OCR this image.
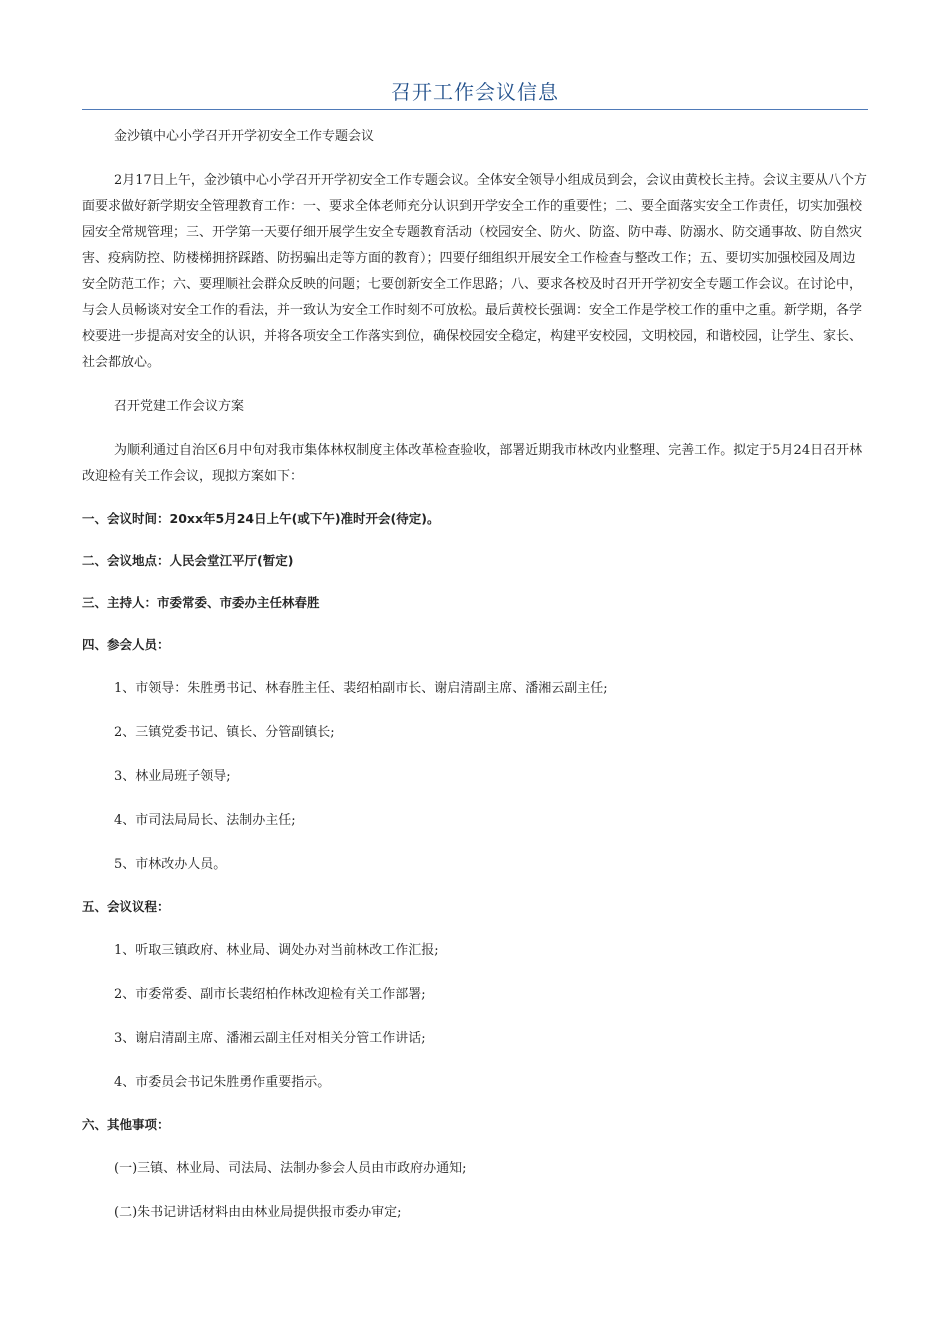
召开工作会议信息

金沙镇中心小学召开开学初安全工作专题会议

2月17日上午，金沙镇中心小学召开开学初安全工作专题会议。全体安全领导小组成员到会，会议由黄校长主持。会议主要从八个方面要求做好新学期安全管理教育工作：一、要求全体老师充分认识到开学安全工作的重要性；二、要全面落实安全工作责任，切实加强校园安全常规管理；三、开学第一天要仔细开展学生安全专题教育活动（校园安全、防火、防盗、防中毒、防溺水、防交通事故、防自然灾害、疫病防控、防楼梯拥挤踩踏、防拐骗出走等方面的教育）；四要仔细组织开展安全工作检查与整改工作；五、要切实加强校园及周边安全防范工作；六、要理顺社会群众反映的问题；七要创新安全工作思路；八、要求各校及时召开开学初安全专题工作会议。在讨论中，与会人员畅谈对安全工作的看法，并一致认为安全工作时刻不可放松。最后黄校长强调：安全工作是学校工作的重中之重。新学期，各学校要进一步提高对安全的认识，并将各项安全工作落实到位，确保校园安全稳定，构建平安校园，文明校园，和谐校园，让学生、家长、社会都放心。

召开党建工作会议方案

为顺利通过自治区6月中旬对我市集体林权制度主体改革检查验收，部署近期我市林改内业整理、完善工作。拟定于5月24日召开林改迎检有关工作会议，现拟方案如下：

一、会议时间：20xx年5月24日上午(或下午)准时开会(待定)。

二、会议地点：人民会堂江平厅(暂定)

三、主持人：市委常委、市委办主任林春胜

四、参会人员：

1、市领导：朱胜勇书记、林春胜主任、裴绍柏副市长、谢启清副主席、潘湘云副主任;

2、三镇党委书记、镇长、分管副镇长;

3、林业局班子领导;

4、市司法局局长、法制办主任;

5、市林改办人员。

五、会议议程：

1、听取三镇政府、林业局、调处办对当前林改工作汇报;

2、市委常委、副市长裴绍柏作林改迎检有关工作部署;

3、谢启清副主席、潘湘云副主任对相关分管工作讲话;

4、市委员会书记朱胜勇作重要指示。

六、其他事项：

(一)三镇、林业局、司法局、法制办参会人员由市政府办通知;

(二)朱书记讲话材料由由林业局提供报市委办审定;
